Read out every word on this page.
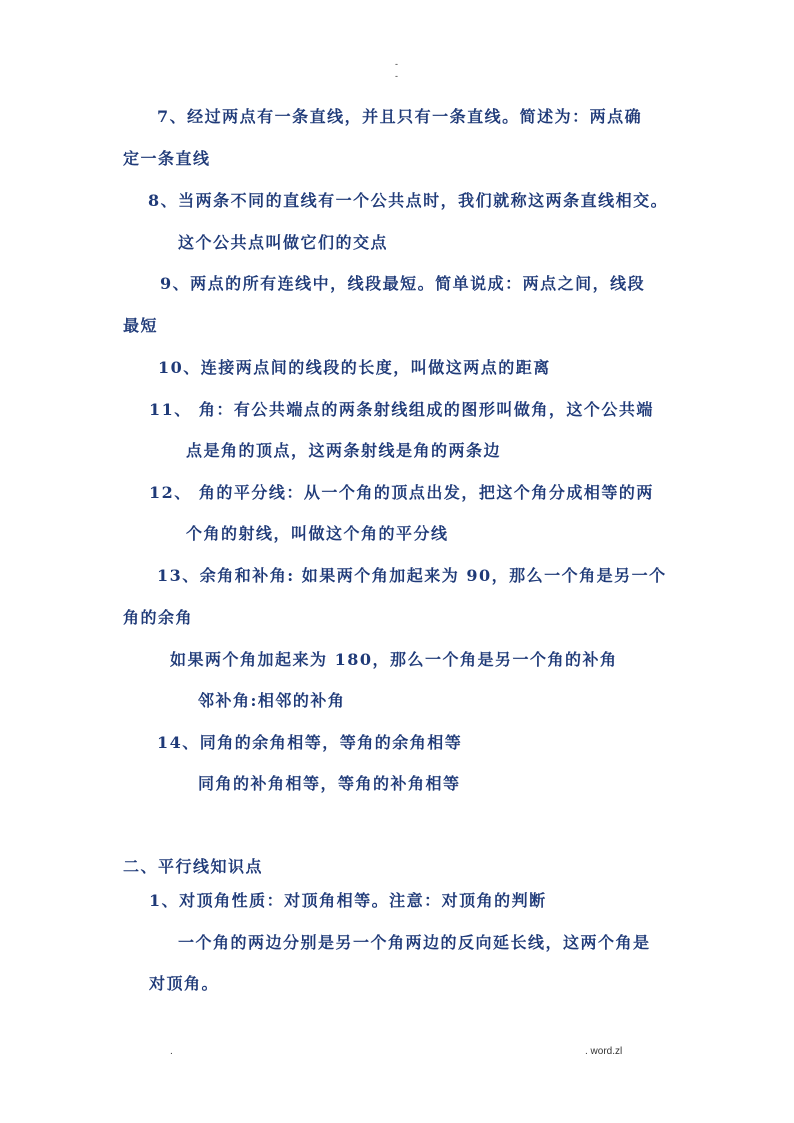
-
-
7、经过两点有一条直线，并且只有一条直线。简述为：两点确
定一条直线
8、当两条不同的直线有一个公共点时，我们就称这两条直线相交。
这个公共点叫做它们的交点
9、两点的所有连线中，线段最短。简单说成：两点之间，线段
最短
10、连接两点间的线段的长度，叫做这两点的距离
11、 角：有公共端点的两条射线组成的图形叫做角，这个公共端
点是角的顶点，这两条射线是角的两条边
12、 角的平分线：从一个角的顶点出发，把这个角分成相等的两
个角的射线，叫做这个角的平分线
13、余角和补角: 如果两个角加起来为 90，那么一个角是另一个
角的余角
如果两个角加起来为 180，那么一个角是另一个角的补角
邻补角:相邻的补角
14、同角的余角相等，等角的余角相等
同角的补角相等，等角的补角相等
二、平行线知识点
1、对顶角性质：对顶角相等。注意：对顶角的判断
一个角的两边分别是另一个角两边的反向延长线，这两个角是
对顶角。
.	. word.zl
